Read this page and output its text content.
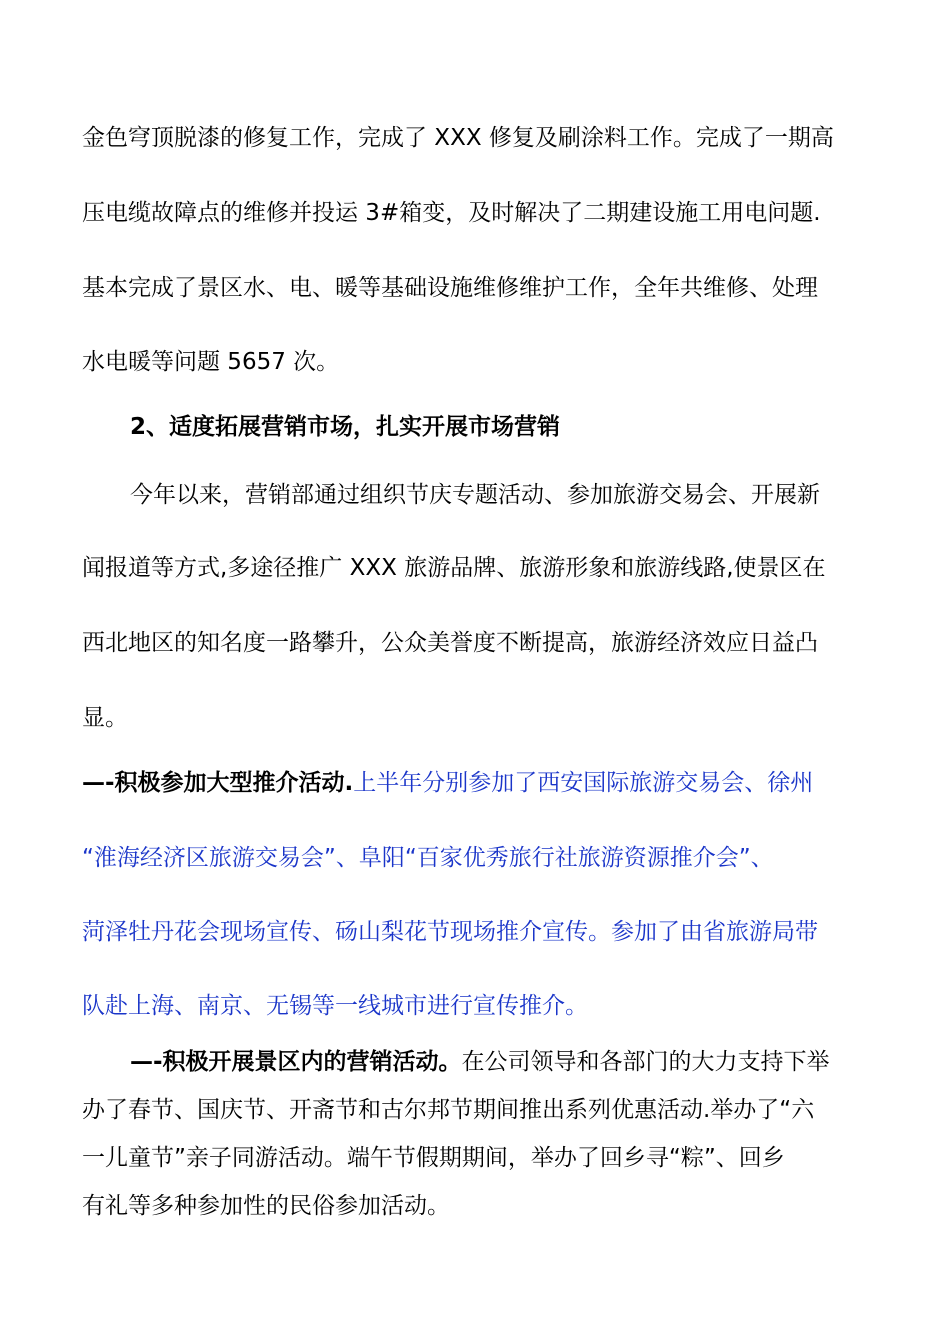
金色穹顶脱漆的修复工作，完成了 XXX 修复及刷涂料工作。完成了一期高
压电缆故障点的维修并投运 3#箱变，及时解决了二期建设施工用电问题.
基本完成了景区水、电、暖等基础设施维修维护工作，全年共维修、处理
水电暖等问题 5657 次。
2、适度拓展营销市场，扎实开展市场营销
今年以来，营销部通过组织节庆专题活动、参加旅游交易会、开展新
闻报道等方式,多途径推广 XXX 旅游品牌、旅游形象和旅游线路,使景区在
西北地区的知名度一路攀升，公众美誉度不断提高，旅游经济效应日益凸
显。
—-积极参加大型推介活动.上半年分别参加了西安国际旅游交易会、徐州
“淮海经济区旅游交易会”、阜阳“百家优秀旅行社旅游资源推介会”、
菏泽牡丹花会现场宣传、砀山梨花节现场推介宣传。参加了由省旅游局带
队赴上海、南京、无锡等一线城市进行宣传推介。
—-积极开展景区内的营销活动。在公司领导和各部门的大力支持下举
办了春节、国庆节、开斋节和古尔邦节期间推出系列优惠活动.举办了“六
一儿童节”亲子同游活动。端午节假期期间，举办了回乡寻“粽”、回乡
有礼等多种参加性的民俗参加活动。
